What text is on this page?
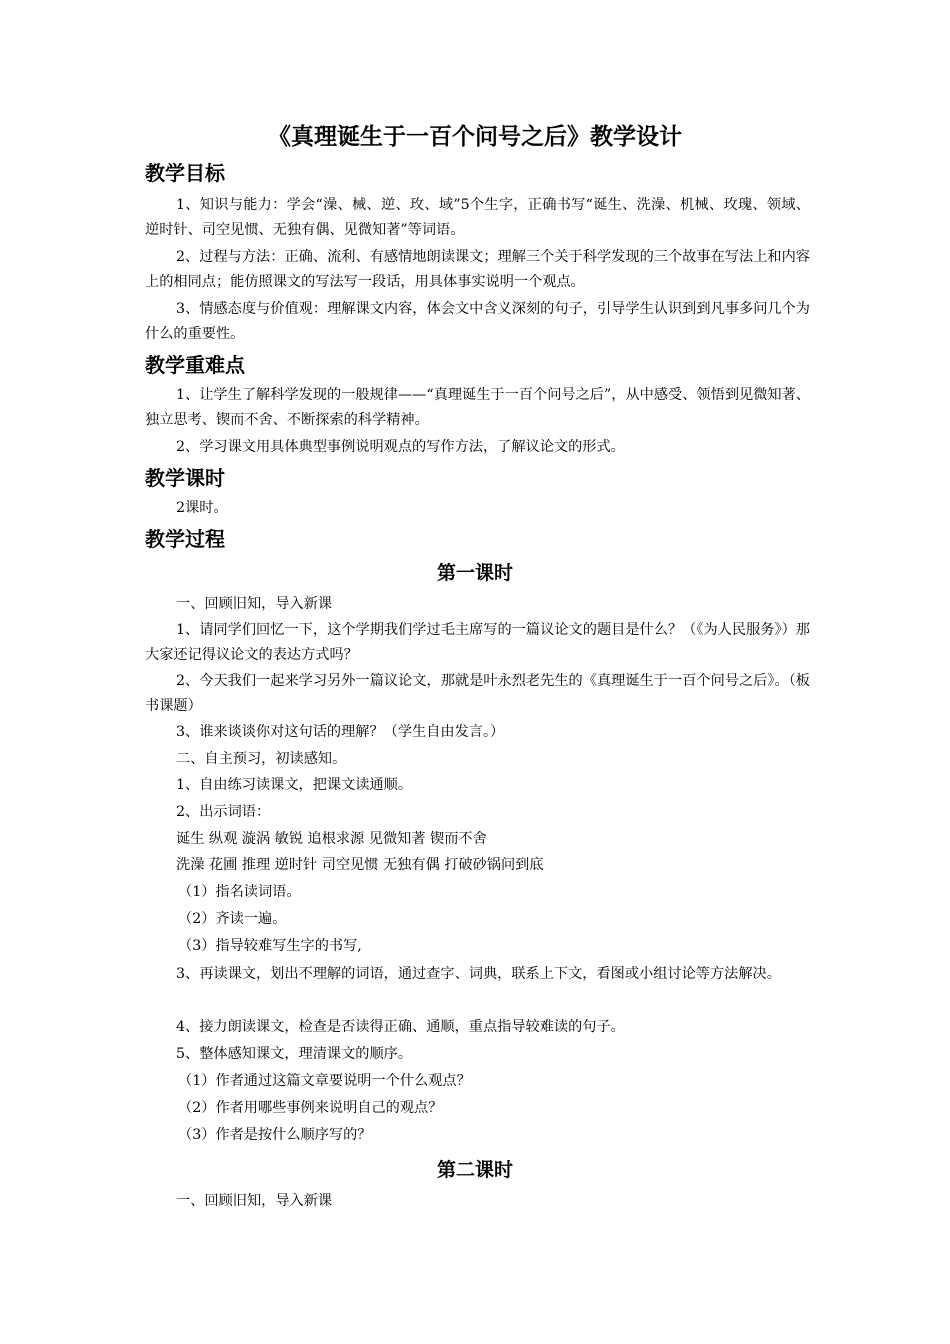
《真理诞生于一百个问号之后》教学设计
教学目标
1、知识与能力：学会“澡、械、逆、玫、域”5个生字，正确书写“诞生、洗澡、机械、玫瑰、领域、逆时针、司空见惯、无独有偶、见微知著”等词语。
2、过程与方法：正确、流利、有感情地朗读课文；理解三个关于科学发现的三个故事在写法上和内容上的相同点；能仿照课文的写法写一段话，用具体事实说明一个观点。
3、情感态度与价值观：理解课文内容，体会文中含义深刻的句子，引导学生认识到到凡事多问几个为什么的重要性。
教学重难点
1、让学生了解科学发现的一般规律——“真理诞生于一百个问号之后”，从中感受、领悟到见微知著、独立思考、锲而不舍、不断探索的科学精神。
2、学习课文用具体典型事例说明观点的写作方法，了解议论文的形式。
教学课时
2课时。
教学过程
第一课时
一、回顾旧知，导入新课
1、请同学们回忆一下，这个学期我们学过毛主席写的一篇议论文的题目是什么？（《为人民服务》）那大家还记得议论文的表达方式吗？
2、今天我们一起来学习另外一篇议论文，那就是叶永烈老先生的《真理诞生于一百个问号之后》。（板书课题）
3、谁来谈谈你对这句话的理解？（学生自由发言。）
二、自主预习，初读感知。
1、自由练习读课文，把课文读通顺。
2、出示词语：
诞生 纵观 漩涡 敏锐 追根求源 见微知著 锲而不舍
洗澡 花圃 推理 逆时针 司空见惯 无独有偶 打破砂锅问到底
（1）指名读词语。
（2）齐读一遍。
（3）指导较难写生字的书写,
3、再读课文，划出不理解的词语，通过查字、词典，联系上下文，看图或小组讨论等方法解决。
4、接力朗读课文，检查是否读得正确、通顺，重点指导较难读的句子。
5、整体感知课文，理清课文的顺序。
（1）作者通过这篇文章要说明一个什么观点？
（2）作者用哪些事例来说明自己的观点？
（3）作者是按什么顺序写的？
第二课时
一、回顾旧知，导入新课
